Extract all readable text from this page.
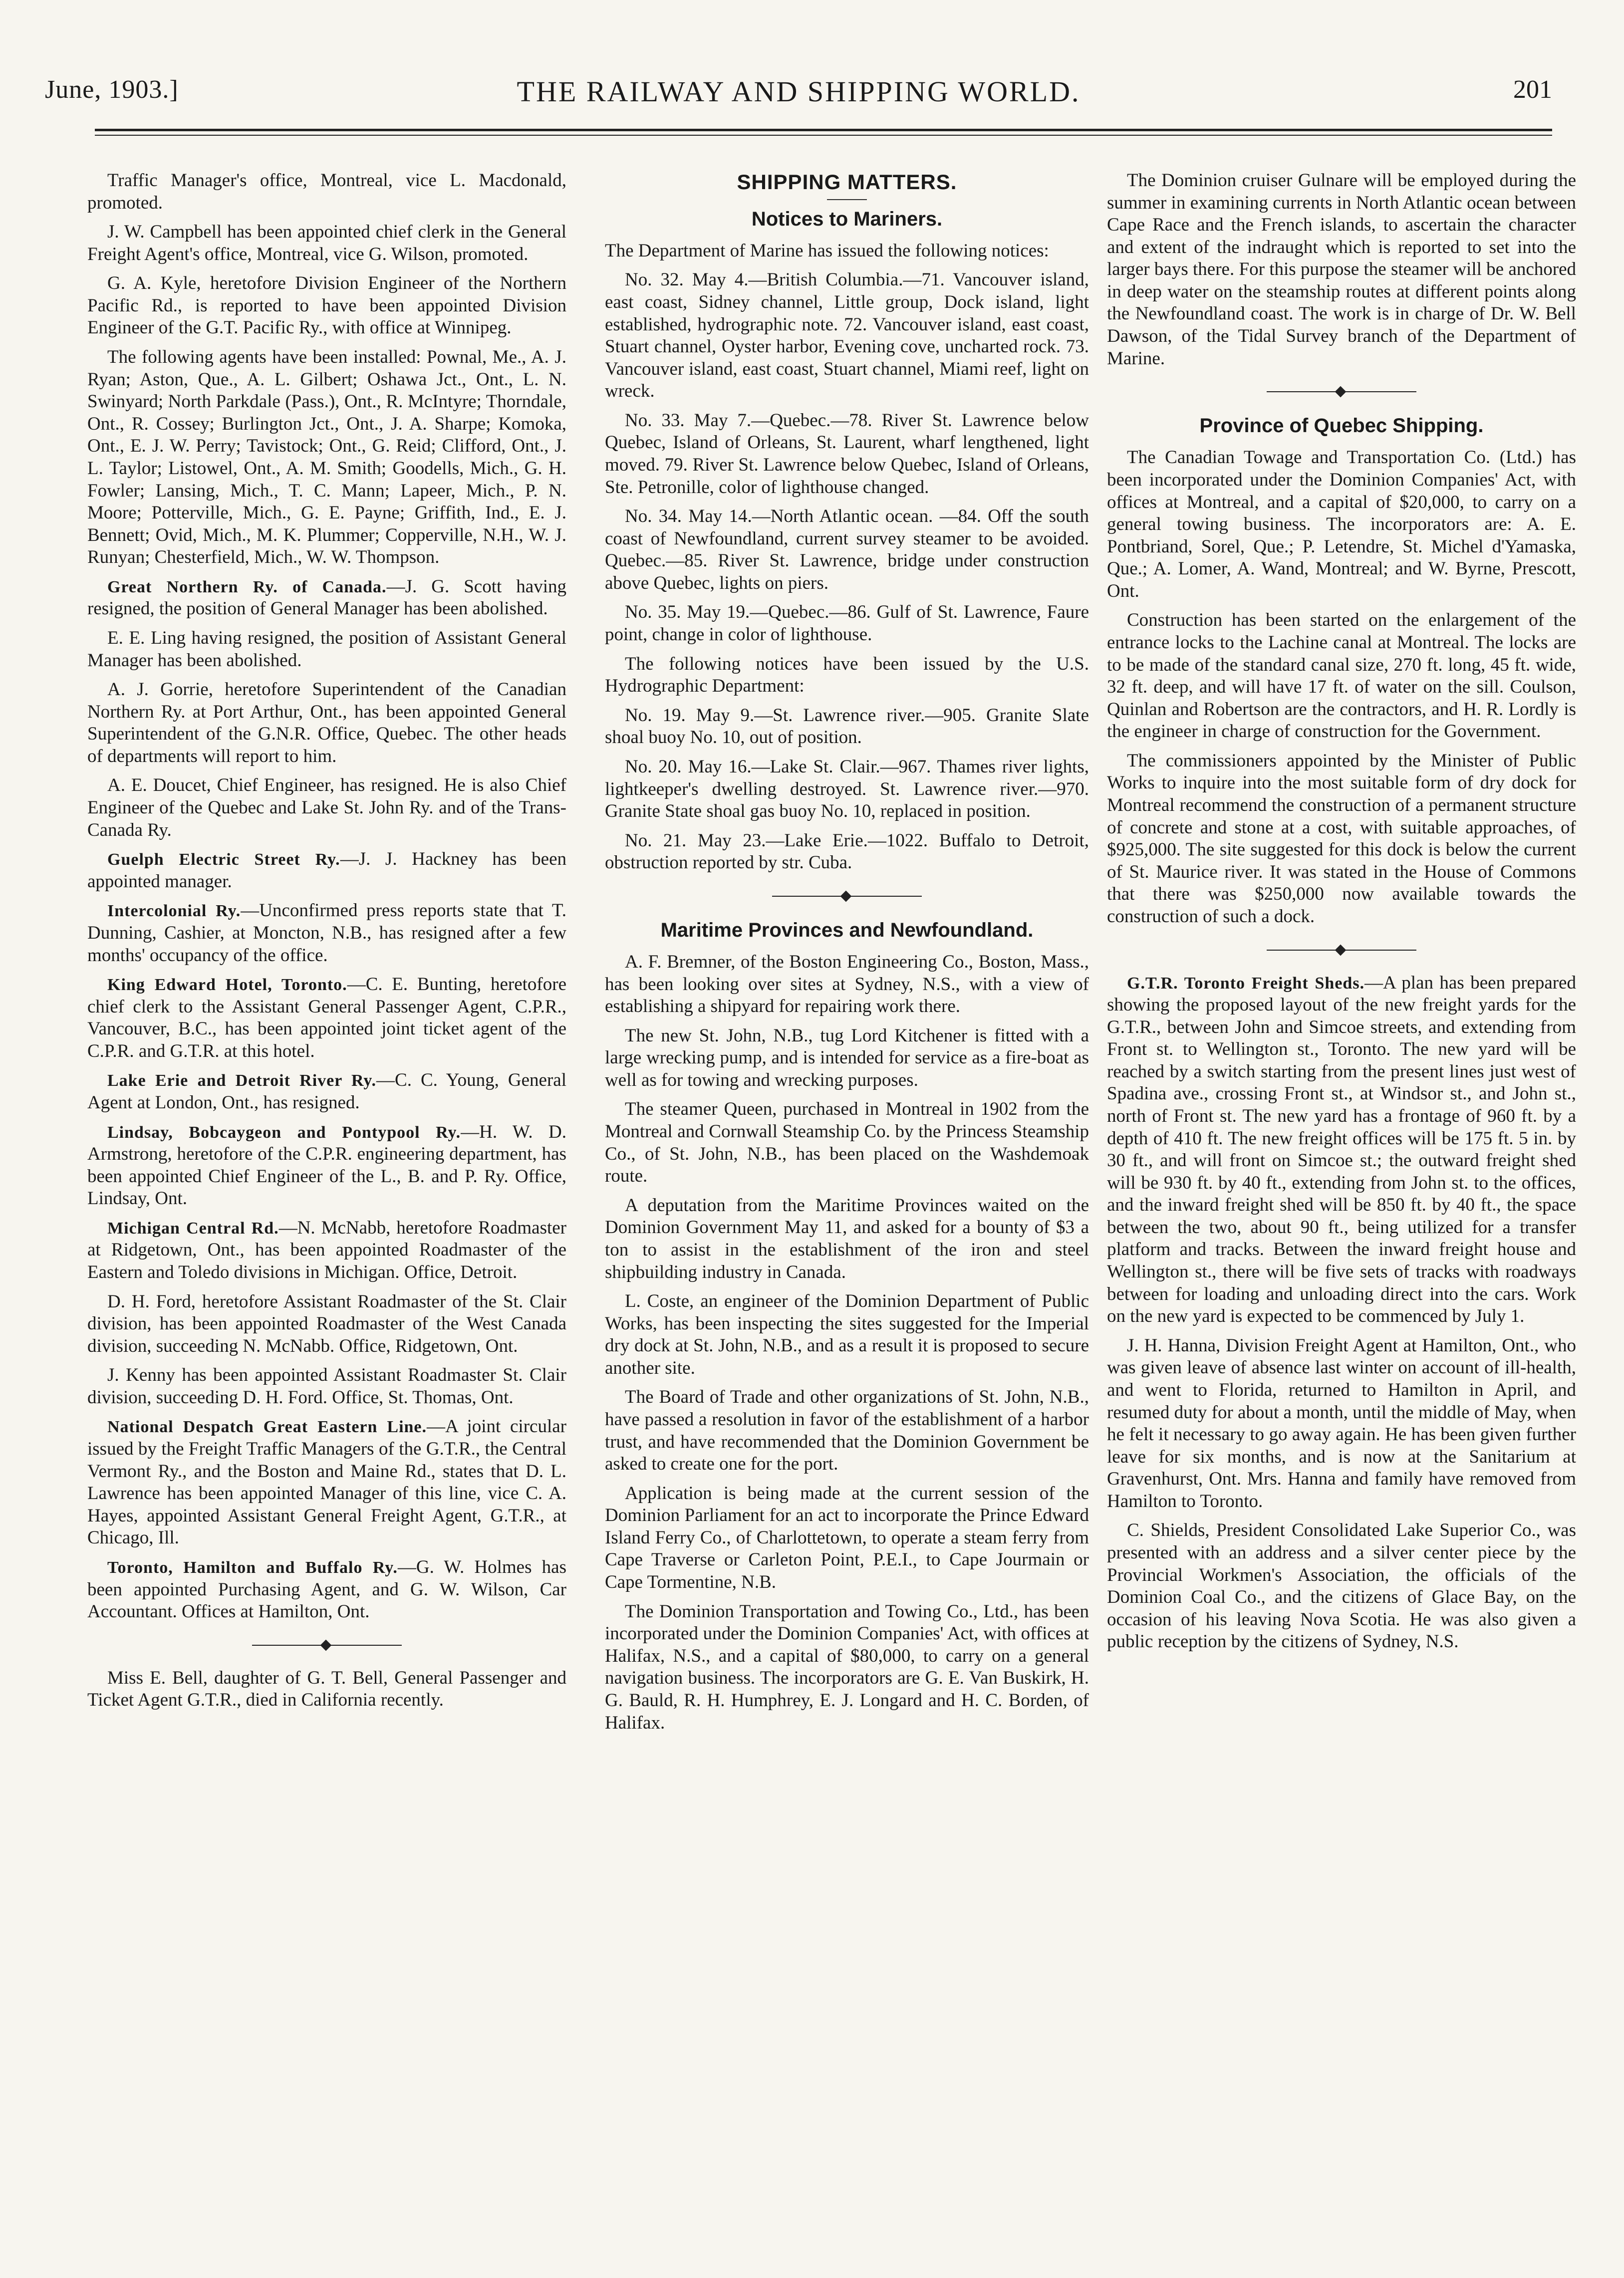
June, 1903.]	THE RAILWAY AND SHIPPING WORLD.	201

Traffic Manager's office, Montreal, vice L. Macdonald, promoted.

J. W. Campbell has been appointed chief clerk in the General Freight Agent's office, Montreal, vice G. Wilson, promoted.

G. A. Kyle, heretofore Division Engineer of the Northern Pacific Rd., is reported to have been appointed Division Engineer of the G.T. Pacific Ry., with office at Winnipeg.

The following agents have been installed: Pownal, Me., A. J. Ryan; Aston, Que., A. L. Gilbert; Oshawa Jct., Ont., L. N. Swinyard; North Parkdale (Pass.), Ont., R. McIntyre; Thorndale, Ont., R. Cossey; Burlington Jct., Ont., J. A. Sharpe; Komoka, Ont., E. J. W. Perry; Tavistock; Ont., G. Reid; Clifford, Ont., J. L. Taylor; Listowel, Ont., A. M. Smith; Goodells, Mich., G. H. Fowler; Lansing, Mich., T. C. Mann; Lapeer, Mich., P. N. Moore; Potterville, Mich., G. E. Payne; Griffith, Ind., E. J. Bennett; Ovid, Mich., M. K. Plummer; Copperville, N.H., W. J. Runyan; Chesterfield, Mich., W. W. Thompson.

Great Northern Ry. of Canada.—J. G. Scott having resigned, the position of General Manager has been abolished.

E. E. Ling having resigned, the position of Assistant General Manager has been abolished.

A. J. Gorrie, heretofore Superintendent of the Canadian Northern Ry. at Port Arthur, Ont., has been appointed General Superintendent of the G.N.R. Office, Quebec. The other heads of departments will report to him.

A. E. Doucet, Chief Engineer, has resigned. He is also Chief Engineer of the Quebec and Lake St. John Ry. and of the Trans-Canada Ry.

Guelph Electric Street Ry.—J. J. Hackney has been appointed manager.

Intercolonial Ry.—Unconfirmed press reports state that T. Dunning, Cashier, at Moncton, N.B., has resigned after a few months' occupancy of the office.

King Edward Hotel, Toronto.—C. E. Bunting, heretofore chief clerk to the Assistant General Passenger Agent, C.P.R., Vancouver, B.C., has been appointed joint ticket agent of the C.P.R. and G.T.R. at this hotel.

Lake Erie and Detroit River Ry.—C. C. Young, General Agent at London, Ont., has resigned.

Lindsay, Bobcaygeon and Pontypool Ry.—H. W. D. Armstrong, heretofore of the C.P.R. engineering department, has been appointed Chief Engineer of the L., B. and P. Ry. Office, Lindsay, Ont.

Michigan Central Rd.—N. McNabb, heretofore Roadmaster at Ridgetown, Ont., has been appointed Roadmaster of the Eastern and Toledo divisions in Michigan. Office, Detroit.

D. H. Ford, heretofore Assistant Roadmaster of the St. Clair division, has been appointed Roadmaster of the West Canada division, succeeding N. McNabb. Office, Ridgetown, Ont.

J. Kenny has been appointed Assistant Roadmaster St. Clair division, succeeding D. H. Ford. Office, St. Thomas, Ont.

National Despatch Great Eastern Line.—A joint circular issued by the Freight Traffic Managers of the G.T.R., the Central Vermont Ry., and the Boston and Maine Rd., states that D. L. Lawrence has been appointed Manager of this line, vice C. A. Hayes, appointed Assistant General Freight Agent, G.T.R., at Chicago, Ill.

Toronto, Hamilton and Buffalo Ry.—G. W. Holmes has been appointed Purchasing Agent, and G. W. Wilson, Car Accountant. Offices at Hamilton, Ont.

Miss E. Bell, daughter of G. T. Bell, General Passenger and Ticket Agent G.T.R., died in California recently.

SHIPPING MATTERS.
Notices to Mariners.

The Department of Marine has issued the following notices:

No. 32. May 4.—British Columbia.—71. Vancouver island, east coast, Sidney channel, Little group, Dock island, light established, hydrographic note. 72. Vancouver island, east coast, Stuart channel, Oyster harbor, Evening cove, uncharted rock. 73. Vancouver island, east coast, Stuart channel, Miami reef, light on wreck.

No. 33. May 7.—Quebec.—78. River St. Lawrence below Quebec, Island of Orleans, St. Laurent, wharf lengthened, light moved. 79. River St. Lawrence below Quebec, Island of Orleans, Ste. Petronille, color of lighthouse changed.

No. 34. May 14.—North Atlantic ocean. —84. Off the south coast of Newfoundland, current survey steamer to be avoided. Quebec.—85. River St. Lawrence, bridge under construction above Quebec, lights on piers.

No. 35. May 19.—Quebec.—86. Gulf of St. Lawrence, Faure point, change in color of lighthouse.

The following notices have been issued by the U.S. Hydrographic Department:

No. 19. May 9.—St. Lawrence river.—905. Granite Slate shoal buoy No. 10, out of position.

No. 20. May 16.—Lake St. Clair.—967. Thames river lights, lightkeeper's dwelling destroyed. St. Lawrence river.—970. Granite State shoal gas buoy No. 10, replaced in position.

No. 21. May 23.—Lake Erie.—1022. Buffalo to Detroit, obstruction reported by str. Cuba.

Maritime Provinces and Newfoundland.

A. F. Bremner, of the Boston Engineering Co., Boston, Mass., has been looking over sites at Sydney, N.S., with a view of establishing a shipyard for repairing work there.

The new St. John, N.B., tug Lord Kitchener is fitted with a large wrecking pump, and is intended for service as a fire-boat as well as for towing and wrecking purposes.

The steamer Queen, purchased in Montreal in 1902 from the Montreal and Cornwall Steamship Co. by the Princess Steamship Co., of St. John, N.B., has been placed on the Washdemoak route.

A deputation from the Maritime Provinces waited on the Dominion Government May 11, and asked for a bounty of $3 a ton to assist in the establishment of the iron and steel shipbuilding industry in Canada.

L. Coste, an engineer of the Dominion Department of Public Works, has been inspecting the sites suggested for the Imperial dry dock at St. John, N.B., and as a result it is proposed to secure another site.

The Board of Trade and other organizations of St. John, N.B., have passed a resolution in favor of the establishment of a harbor trust, and have recommended that the Dominion Government be asked to create one for the port.

Application is being made at the current session of the Dominion Parliament for an act to incorporate the Prince Edward Island Ferry Co., of Charlottetown, to operate a steam ferry from Cape Traverse or Carleton Point, P.E.I., to Cape Jourmain or Cape Tormentine, N.B.

The Dominion Transportation and Towing Co., Ltd., has been incorporated under the Dominion Companies' Act, with offices at Halifax, N.S., and a capital of $80,000, to carry on a general navigation business. The incorporators are G. E. Van Buskirk, H. G. Bauld, R. H. Humphrey, E. J. Longard and H. C. Borden, of Halifax.

The Dominion cruiser Gulnare will be employed during the summer in examining currents in North Atlantic ocean between Cape Race and the French islands, to ascertain the character and extent of the indraught which is reported to set into the larger bays there. For this purpose the steamer will be anchored in deep water on the steamship routes at different points along the Newfoundland coast. The work is in charge of Dr. W. Bell Dawson, of the Tidal Survey branch of the Department of Marine.

Province of Quebec Shipping.

The Canadian Towage and Transportation Co. (Ltd.) has been incorporated under the Dominion Companies' Act, with offices at Montreal, and a capital of $20,000, to carry on a general towing business. The incorporators are: A. E. Pontbriand, Sorel, Que.; P. Letendre, St. Michel d'Yamaska, Que.; A. Lomer, A. Wand, Montreal; and W. Byrne, Prescott, Ont.

Construction has been started on the enlargement of the entrance locks to the Lachine canal at Montreal. The locks are to be made of the standard canal size, 270 ft. long, 45 ft. wide, 32 ft. deep, and will have 17 ft. of water on the sill. Coulson, Quinlan and Robertson are the contractors, and H. R. Lordly is the engineer in charge of construction for the Government.

The commissioners appointed by the Minister of Public Works to inquire into the most suitable form of dry dock for Montreal recommend the construction of a permanent structure of concrete and stone at a cost, with suitable approaches, of $925,000. The site suggested for this dock is below the current of St. Maurice river. It was stated in the House of Commons that there was $250,000 now available towards the construction of such a dock.

G.T.R. Toronto Freight Sheds.—A plan has been prepared showing the proposed layout of the new freight yards for the G.T.R., between John and Simcoe streets, and extending from Front st. to Wellington st., Toronto. The new yard will be reached by a switch starting from the present lines just west of Spadina ave., crossing Front st., at Windsor st., and John st., north of Front st. The new yard has a frontage of 960 ft. by a depth of 410 ft. The new freight offices will be 175 ft. 5 in. by 30 ft., and will front on Simcoe st.; the outward freight shed will be 930 ft. by 40 ft., extending from John st. to the offices, and the inward freight shed will be 850 ft. by 40 ft., the space between the two, about 90 ft., being utilized for a transfer platform and tracks. Between the inward freight house and Wellington st., there will be five sets of tracks with roadways between for loading and unloading direct into the cars. Work on the new yard is expected to be commenced by July 1.

J. H. Hanna, Division Freight Agent at Hamilton, Ont., who was given leave of absence last winter on account of ill-health, and went to Florida, returned to Hamilton in April, and resumed duty for about a month, until the middle of May, when he felt it necessary to go away again. He has been given further leave for six months, and is now at the Sanitarium at Gravenhurst, Ont. Mrs. Hanna and family have removed from Hamilton to Toronto.

C. Shields, President Consolidated Lake Superior Co., was presented with an address and a silver center piece by the Provincial Workmen's Association, the officials of the Dominion Coal Co., and the citizens of Glace Bay, on the occasion of his leaving Nova Scotia. He was also given a public reception by the citizens of Sydney, N.S.
